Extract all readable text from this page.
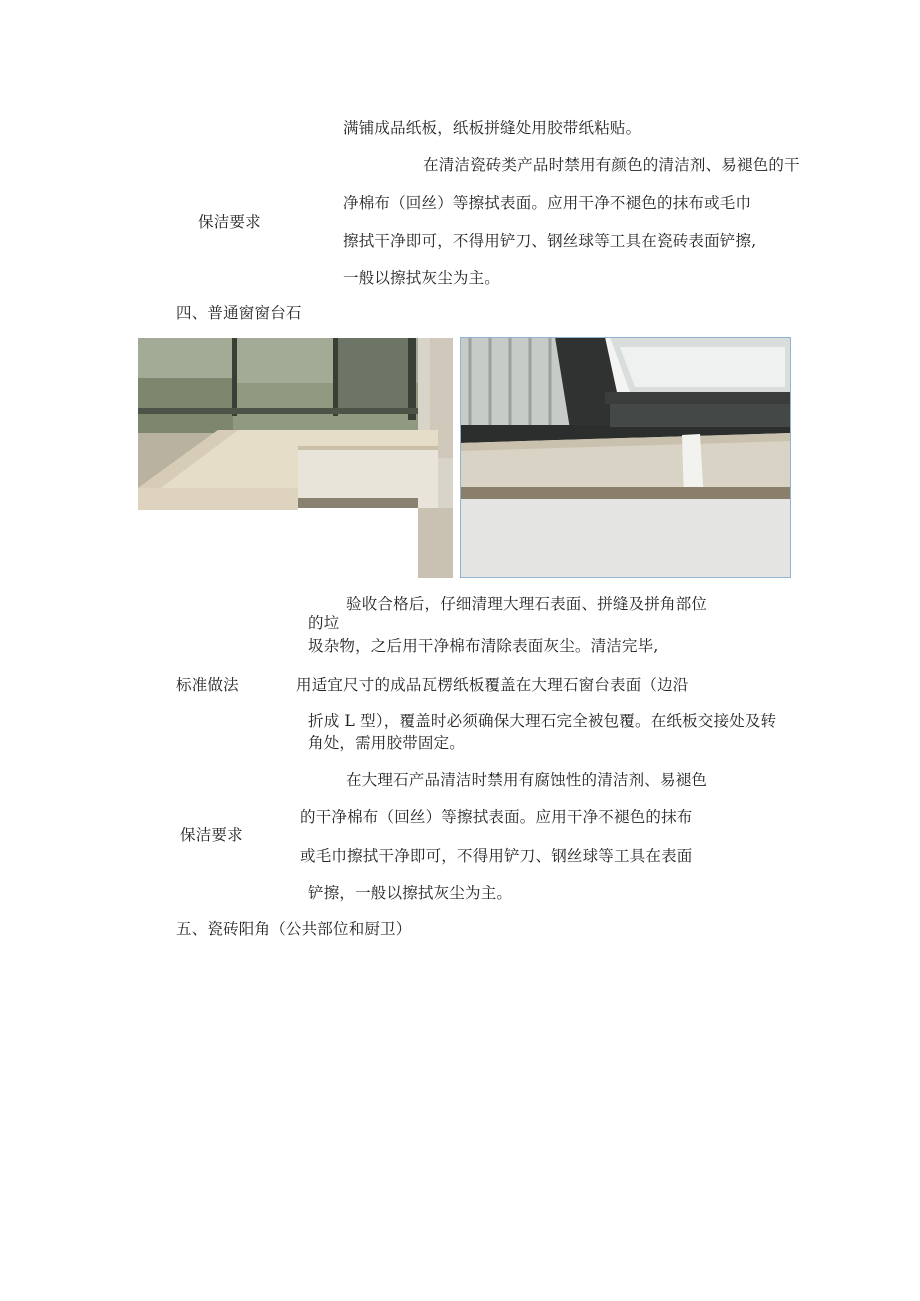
满铺成品纸板，纸板拼缝处用胶带纸粘贴。
保洁要求
在清洁瓷砖类产品时禁用有颜色的清洁剂、易褪色的干
净棉布（回丝）等擦拭表面。应用干净不褪色的抹布或毛巾
擦拭干净即可，不得用铲刀、钢丝球等工具在瓷砖表面铲擦,
一般以擦拭灰尘为主。
四、普通窗窗台石
验收合格后，仔细清理大理石表面、拼缝及拼角部位
的垃
圾杂物，之后用干净棉布清除表面灰尘。清洁完毕,
标准做法	用适宜尺寸的成品瓦楞纸板覆盖在大理石窗台表面（边沿
折成 L 型），覆盖时必须确保大理石完全被包覆。在纸板交接处及转
角处，需用胶带固定。
在大理石产品清洁时禁用有腐蚀性的清洁剂、易褪色
的干净棉布（回丝）等擦拭表面。应用干净不褪色的抹布
保洁要求
或毛巾擦拭干净即可，不得用铲刀、钢丝球等工具在表面
铲擦，一般以擦拭灰尘为主。
五、瓷砖阳角（公共部位和厨卫）
